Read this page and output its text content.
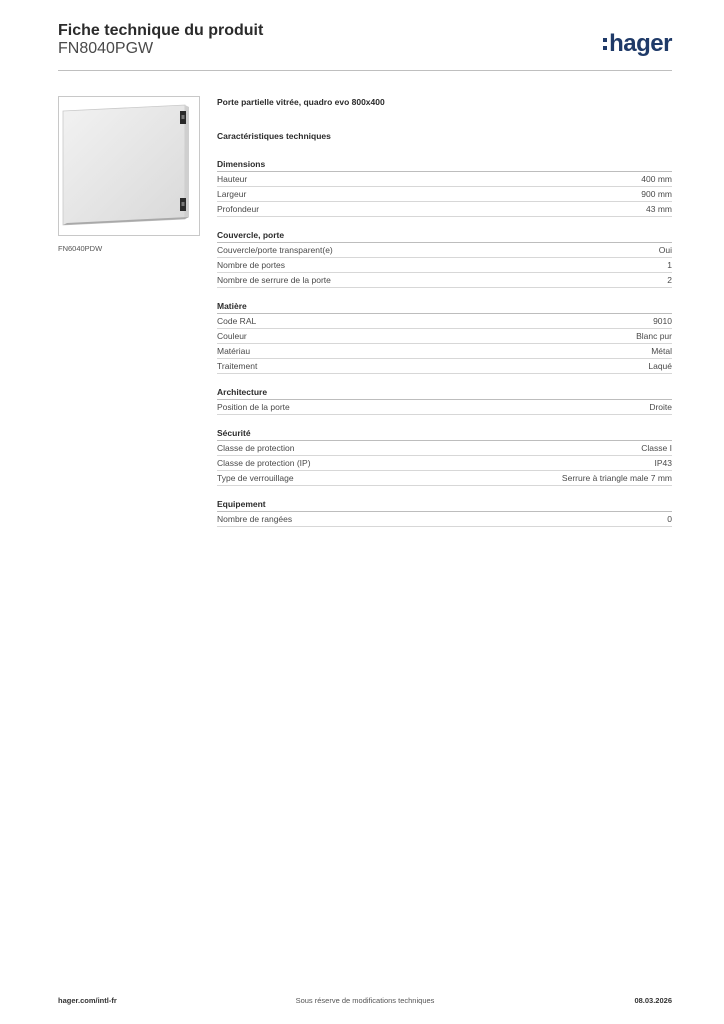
Fiche technique du produit
FN8040PGW	hager
FN6040PDW
Porte partielle vitrée, quadro evo 800x400
Caractéristiques techniques
Dimensions
Hauteur	400 mm
Largeur	900 mm
Profondeur	43 mm
Couvercle, porte
Couvercle/porte transparent(e)	Oui
Nombre de portes	1
Nombre de serrure de la porte	2
Matière
Code RAL	9010
Couleur	Blanc pur
Matériau	Métal
Traitement	Laqué
Architecture
Position de la porte	Droite
Sécurité
Classe de protection	Classe I
Classe de protection (IP)	IP43
Type de verrouillage	Serrure à triangle male 7 mm
Equipement
Nombre de rangées	0
hager.com/intl-fr	Sous réserve de modifications techniques	08.03.2026
